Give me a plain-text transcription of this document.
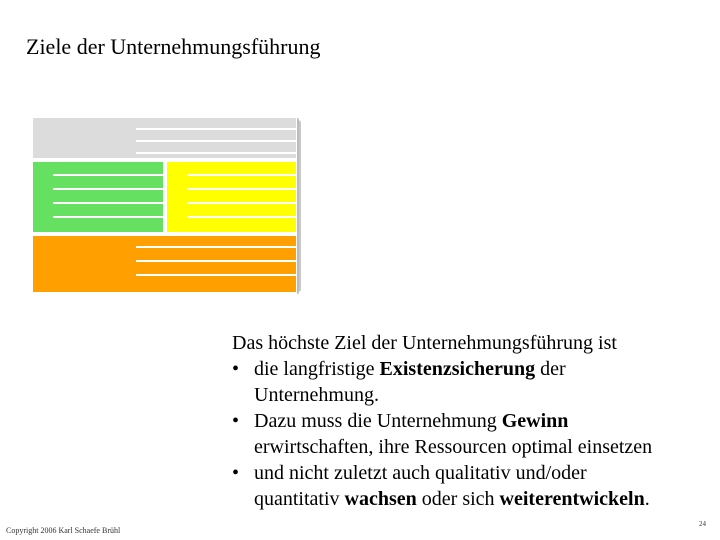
Ziele der Unternehmungsführung

Das höchste Ziel der Unternehmungsführung ist

• die langfristige Existenzsicherung der
Unternehmung.
• Dazu muss die Unternehmung Gewinn
erwirtschaften, ihre Ressourcen optimal einsetzen
• und nicht zuletzt auch qualitativ und/oder
quantitativ wachsen oder sich weiterentwickeln.
Copyright 2006 Karl Schaefe Brühl
24
